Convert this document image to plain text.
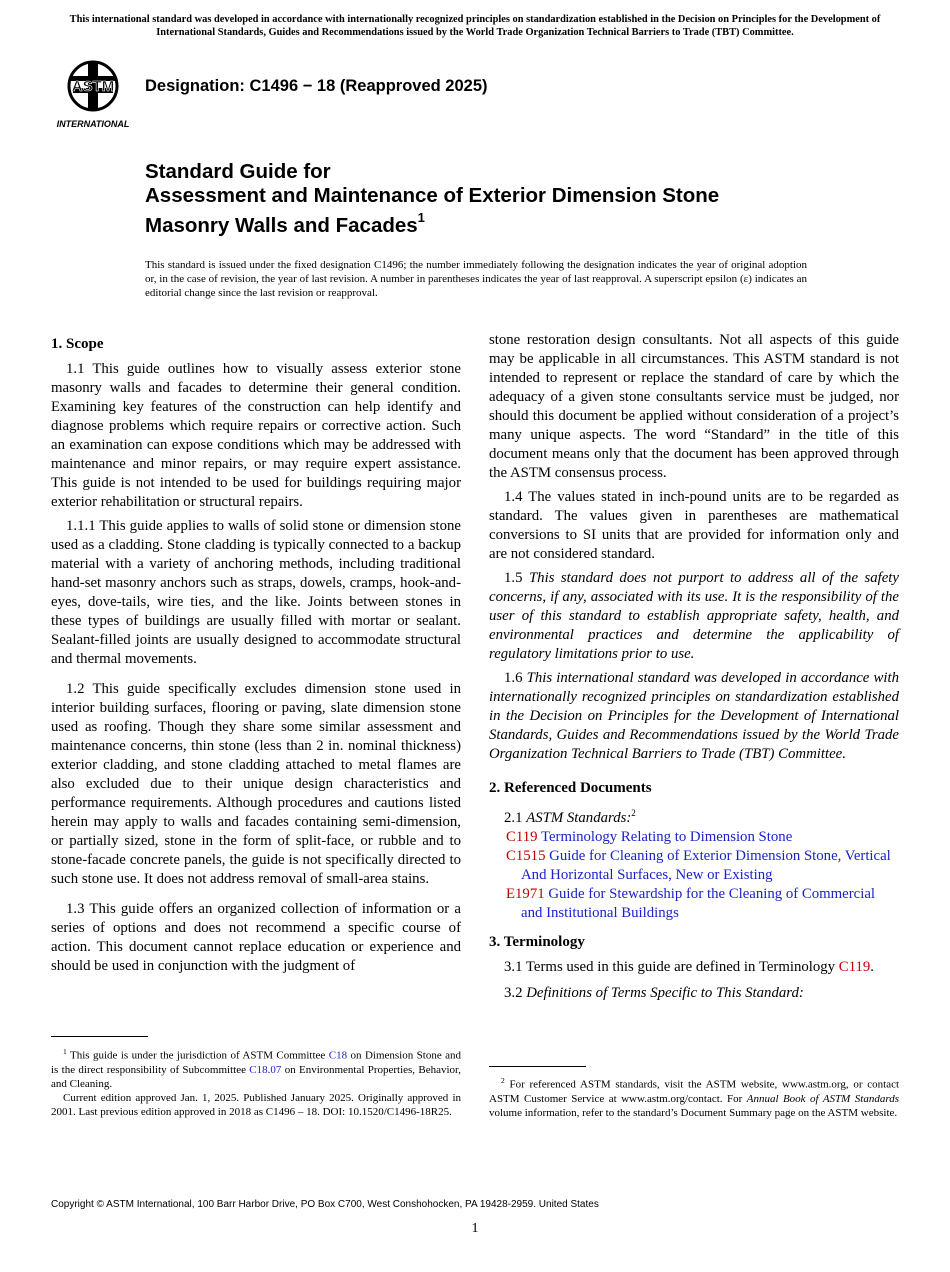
This international standard was developed in accordance with internationally recognized principles on standardization established in the Decision on Principles for the Development of International Standards, Guides and Recommendations issued by the World Trade Organization Technical Barriers to Trade (TBT) Committee.
ASTM
INTERNATIONAL
Designation: C1496 − 18 (Reapproved 2025)
Standard Guide for
Assessment and Maintenance of Exterior Dimension Stone
Masonry Walls and Facades$^1$
This standard is issued under the fixed designation C1496; the number immediately following the designation indicates the year of original adoption or, in the case of revision, the year of last revision. A number in parentheses indicates the year of last reapproval. A superscript epsilon (ε) indicates an editorial change since the last revision or reapproval.
1. Scope

1.1 This guide outlines how to visually assess exterior stone masonry walls and facades to determine their general condition. Examining key features of the construction can help identify and diagnose problems which require repairs or corrective action. Such an examination can expose conditions which may be addressed with maintenance and minor repairs, or may require expert assistance. This guide is not intended to be used for buildings requiring major exterior rehabilitation or structural repairs.

1.1.1 This guide applies to walls of solid stone or dimension stone used as a cladding. Stone cladding is typically connected to a backup material with a variety of anchoring methods, including traditional hand-set masonry anchors such as straps, dowels, cramps, hook-and-eyes, dove-tails, wire ties, and the like. Joints between stones in these types of buildings are usually filled with mortar or sealant. Sealant-filled joints are usually designed to accommodate structural and thermal movements.

1.2 This guide specifically excludes dimension stone used in interior building surfaces, flooring or paving, slate dimension stone used as roofing. Though they share some similar assessment and maintenance concerns, thin stone (less than 2 in. nominal thickness) exterior cladding, and stone cladding attached to metal flames are also excluded due to their unique design characteristics and performance requirements. Although procedures and cautions listed herein may apply to walls and facades containing semi-dimension, or partially sized, stone in the form of split-face, or rubble and to stone-facade concrete panels, the guide is not specifically directed to such stone use. It does not address removal of small-area stains.

1.3 This guide offers an organized collection of information or a series of options and does not recommend a specific course of action. This document cannot replace education or experience and should be used in conjunction with the judgment of

stone restoration design consultants. Not all aspects of this guide may be applicable in all circumstances. This ASTM standard is not intended to represent or replace the standard of care by which the adequacy of a given stone consultants service must be judged, nor should this document be applied without consideration of a project’s many unique aspects. The word “Standard” in the title of this document means only that the document has been approved through the ASTM consensus process.

1.4 The values stated in inch-pound units are to be regarded as standard. The values given in parentheses are mathematical conversions to SI units that are provided for information only and are not considered standard.

1.5 This standard does not purport to address all of the safety concerns, if any, associated with its use. It is the responsibility of the user of this standard to establish appropriate safety, health, and environmental practices and determine the applicability of regulatory limitations prior to use.

1.6 This international standard was developed in accordance with internationally recognized principles on standardization established in the Decision on Principles for the Development of International Standards, Guides and Recommendations issued by the World Trade Organization Technical Barriers to Trade (TBT) Committee.

2. Referenced Documents

2.1 ASTM Standards:$^2$

C119 Terminology Relating to Dimension Stone

C1515 Guide for Cleaning of Exterior Dimension Stone, Vertical And Horizontal Surfaces, New or Existing

E1971 Guide for Stewardship for the Cleaning of Commercial and Institutional Buildings

3. Terminology

3.1 Terms used in this guide are defined in Terminology C119.

3.2 Definitions of Terms Specific to This Standard:

$^1$ This guide is under the jurisdiction of ASTM Committee C18 on Dimension Stone and is the direct responsibility of Subcommittee C18.07 on Environmental Properties, Behavior, and Cleaning.

Current edition approved Jan. 1, 2025. Published January 2025. Originally approved in 2001. Last previous edition approved in 2018 as C1496 – 18. DOI: 10.1520/C1496-18R25.

$^2$ For referenced ASTM standards, visit the ASTM website, www.astm.org, or contact ASTM Customer Service at www.astm.org/contact. For Annual Book of ASTM Standards volume information, refer to the standard’s Document Summary page on the ASTM website.

Copyright © ASTM International, 100 Barr Harbor Drive, PO Box C700, West Conshohocken, PA 19428-2959. United States
1
